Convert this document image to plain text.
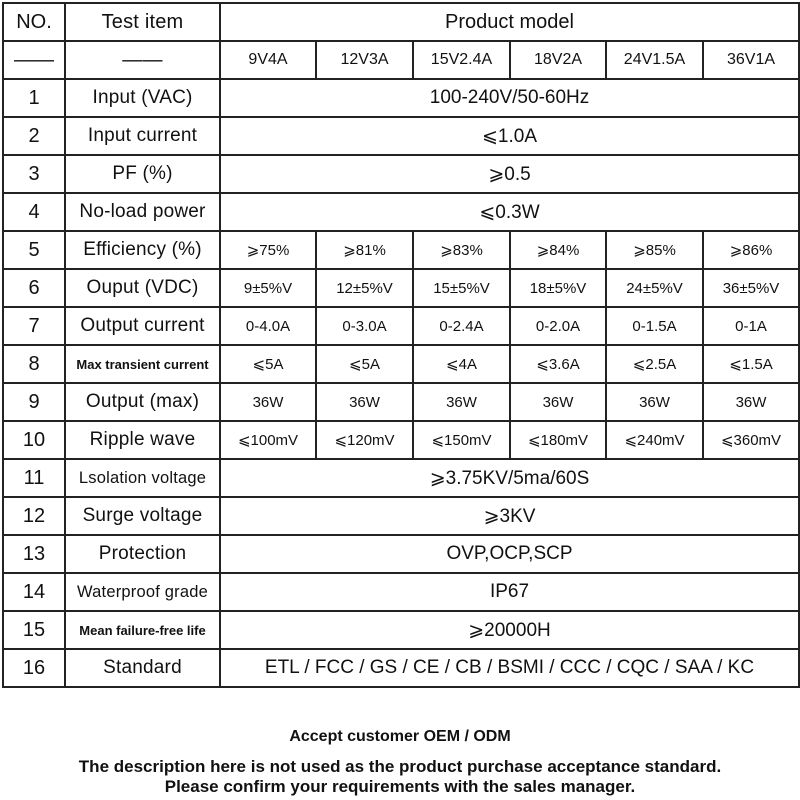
NO.	Test item	Product model					
——	——	9V4A	12V3A	15V2.4A	18V2A	24V1.5A	36V1A
1	Input (VAC)	100-240V/50-60Hz					
2	Input current	⩽1.0A					
3	PF (%)	⩾0.5					
4	No-load power	⩽0.3W					
5	Efficiency (%)	⩾75%	⩾81%	⩾83%	⩾84%	⩾85%	⩾86%
6	Ouput (VDC)	9±5%V	12±5%V	15±5%V	18±5%V	24±5%V	36±5%V
7	Output current	0-4.0A	0-3.0A	0-2.4A	0-2.0A	0-1.5A	0-1A
8	Max transient current	⩽5A	⩽5A	⩽4A	⩽3.6A	⩽2.5A	⩽1.5A
9	Output (max)	36W	36W	36W	36W	36W	36W
10	Ripple wave	⩽100mV	⩽120mV	⩽150mV	⩽180mV	⩽240mV	⩽360mV
11	Lsolation voltage	⩾3.75KV/5ma/60S					
12	Surge voltage	⩾3KV					
13	Protection	OVP,OCP,SCP					
14	Waterproof grade	IP67					
15	Mean failure-free life	⩾20000H					
16	Standard	ETL / FCC / GS / CE / CB / BSMI / CCC / CQC / SAA / KC					
Accept customer OEM / ODM
The description here is not used as the product purchase acceptance standard.
Please confirm your requirements with the sales manager.
